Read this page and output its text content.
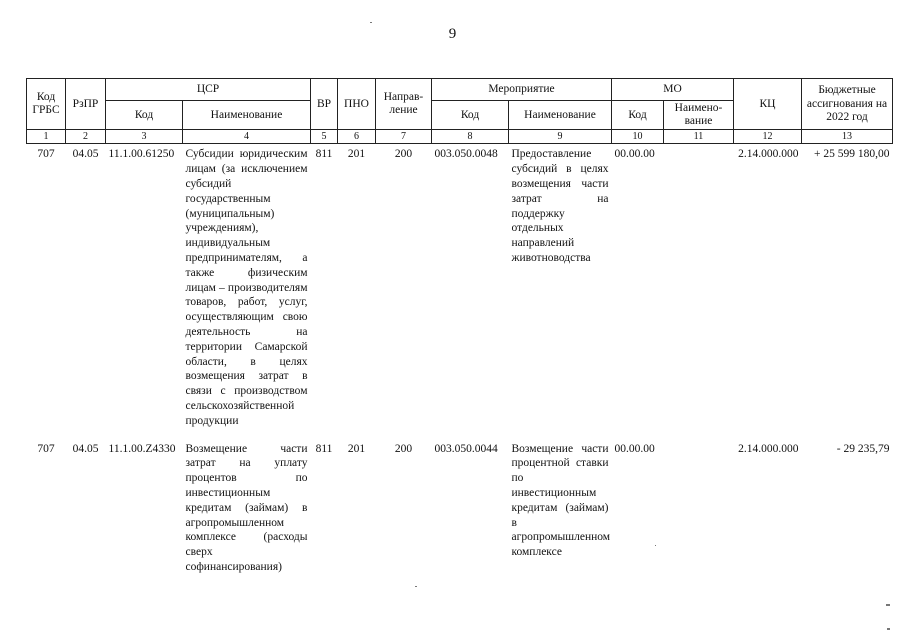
9
Код ГРБС	РзПР	ЦСР		ВР	ПНО	Направ-ление	Мероприятие		МО		КЦ	Бюджетные ассигнования на 2022 год
		Код	Наименование				Код	Наименование	Код	Наимено-вание		
1	2	3	4	5	6	7	8	9	10	11	12	13
707	04.05	11.1.00.61250	Субсидии юридическим лицам (за исключением субсидий государственным (муниципальным) учреждениям), индивидуальным предпринимателям, а также физическим лицам – производителям товаров, работ, услуг, осуществляющим свою деятельность на территории Самарской области, в целях возмещения затрат в связи с производством сельскохозяйственной продукции	811	201	200	003.050.0048	Предоставление субсидий в целях возмещения части затрат на поддержку отдельных направлений животноводства	00.00.00		2.14.000.000	+ 25 599 180,00

707	04.05	11.1.00.Z4330	Возмещение части затрат на уплату процентов по инвестиционным кредитам (займам) в агропромышленном комплексе (расходы сверх софинансирования)	811	201	200	003.050.0044	Возмещение части процентной ставки по инвестиционным кредитам (займам) в агропромышленном комплексе	00.00.00		2.14.000.000	- 29 235,79
